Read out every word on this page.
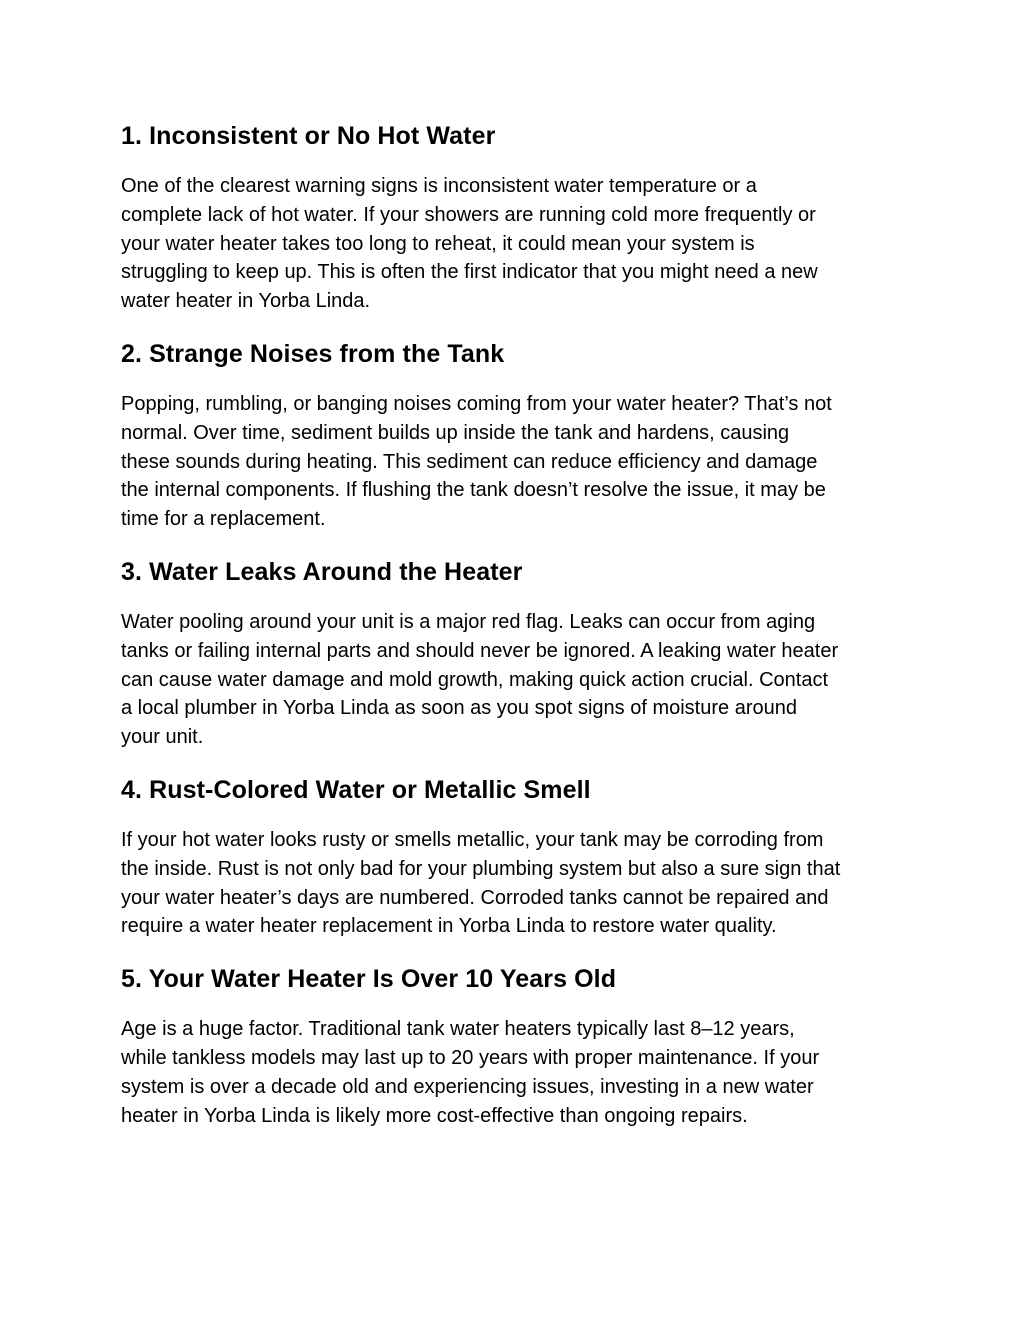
1. Inconsistent or No Hot Water

One of the clearest warning signs is inconsistent water temperature or a
complete lack of hot water. If your showers are running cold more frequently or
your water heater takes too long to reheat, it could mean your system is
struggling to keep up. This is often the first indicator that you might need a new
water heater in Yorba Linda.

2. Strange Noises from the Tank

Popping, rumbling, or banging noises coming from your water heater? That’s not
normal. Over time, sediment builds up inside the tank and hardens, causing
these sounds during heating. This sediment can reduce efficiency and damage
the internal components. If flushing the tank doesn’t resolve the issue, it may be
time for a replacement.

3. Water Leaks Around the Heater

Water pooling around your unit is a major red flag. Leaks can occur from aging
tanks or failing internal parts and should never be ignored. A leaking water heater
can cause water damage and mold growth, making quick action crucial. Contact
a local plumber in Yorba Linda as soon as you spot signs of moisture around
your unit.

4. Rust-Colored Water or Metallic Smell

If your hot water looks rusty or smells metallic, your tank may be corroding from
the inside. Rust is not only bad for your plumbing system but also a sure sign that
your water heater’s days are numbered. Corroded tanks cannot be repaired and
require a water heater replacement in Yorba Linda to restore water quality.

5. Your Water Heater Is Over 10 Years Old

Age is a huge factor. Traditional tank water heaters typically last 8–12 years,
while tankless models may last up to 20 years with proper maintenance. If your
system is over a decade old and experiencing issues, investing in a new water
heater in Yorba Linda is likely more cost-effective than ongoing repairs.
